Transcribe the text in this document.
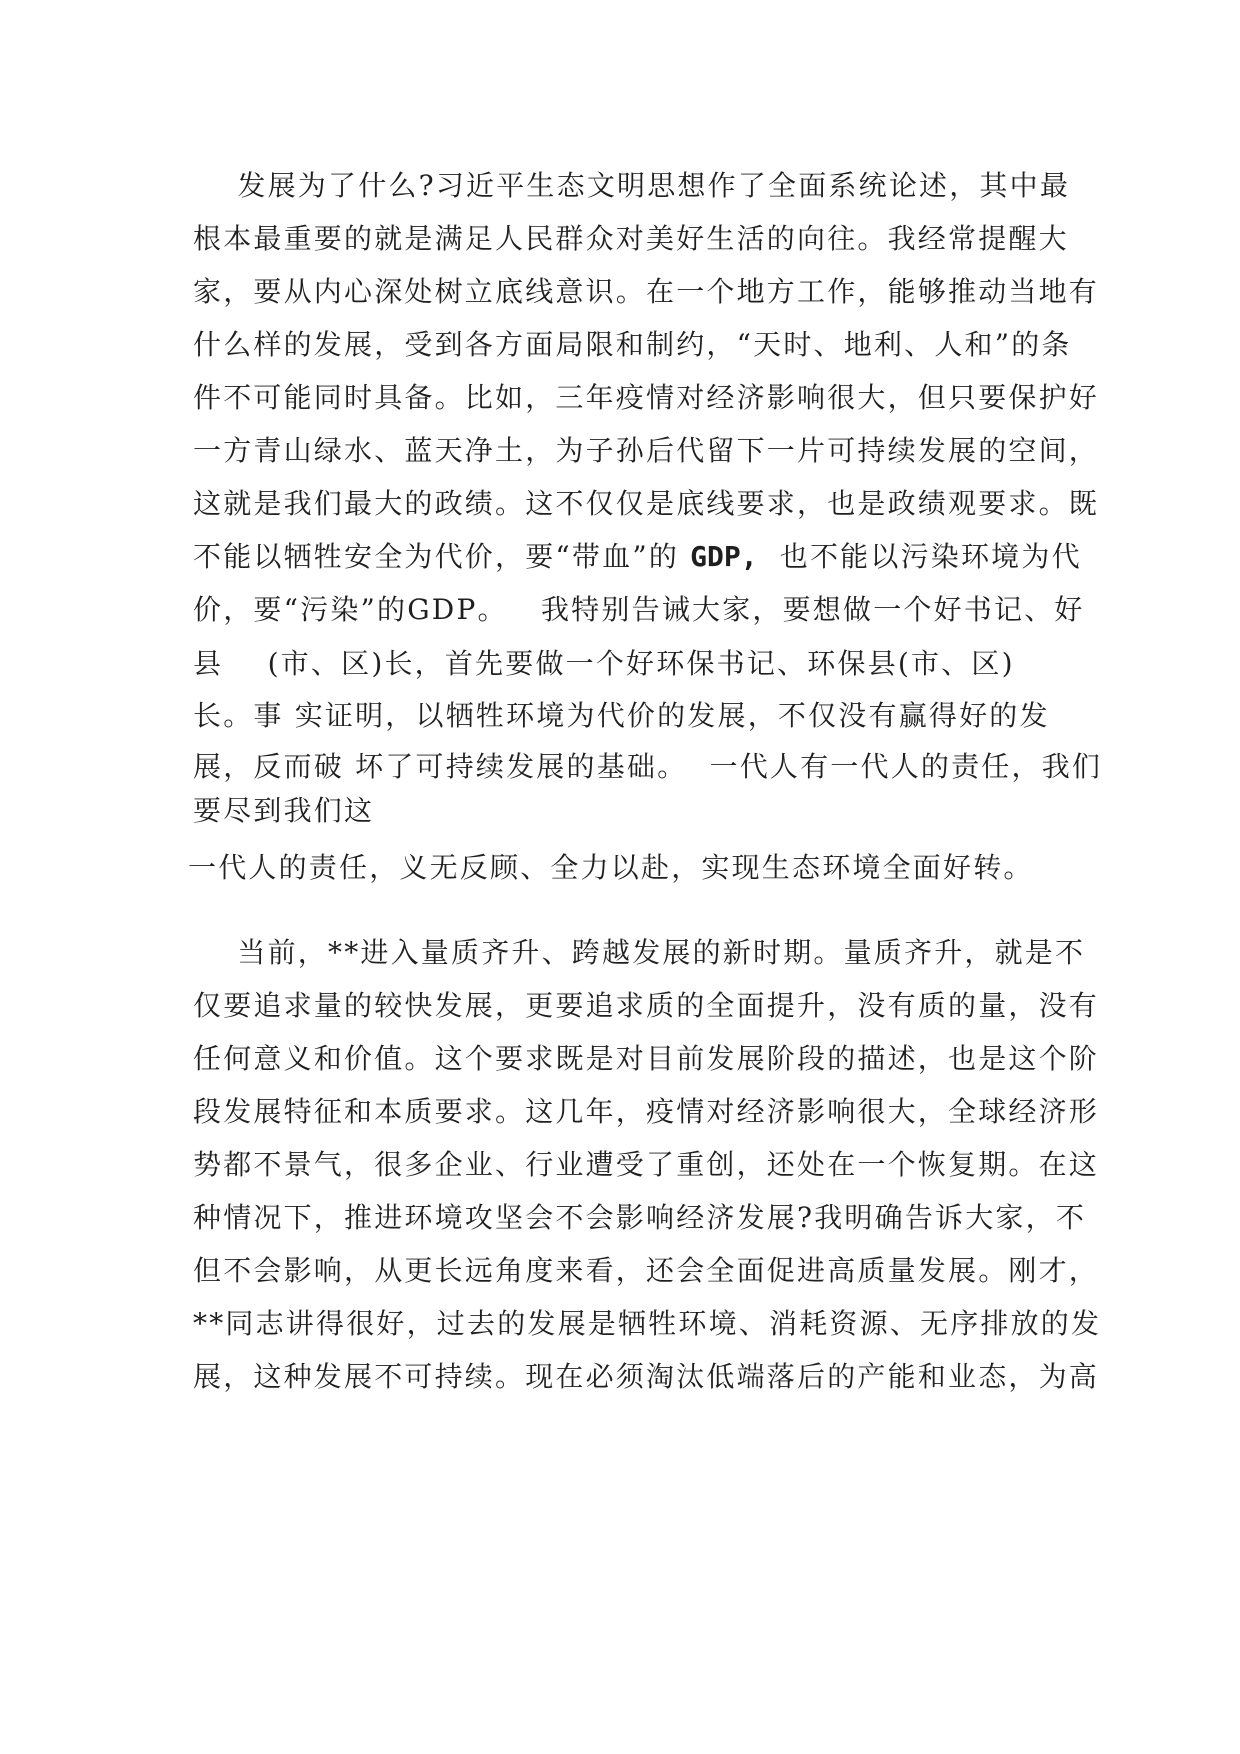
发展为了什么?习近平生态文明思想作了全面系统论述，其中最
根本最重要的就是满足人民群众对美好生活的向往。我经常提醒大
家，要从内心深处树立底线意识。在一个地方工作，能够推动当地有
什么样的发展，受到各方面局限和制约，“天时、地利、人和”的条
件不可能同时具备。比如，三年疫情对经济影响很大，但只要保护好
一方青山绿水、蓝天净土，为子孙后代留下一片可持续发展的空间，
这就是我们最大的政绩。这不仅仅是底线要求，也是政绩观要求。既
不能以牺牲安全为代价，要“带血”的 GDP,  也不能以污染环境为代
价，要“污染”的GDP。   我特别告诫大家，要想做一个好书记、好
县    (市、区)长，首先要做一个好环保书记、环保县(市、区)
长。事 实证明，以牺牲环境为代价的发展，不仅没有赢得好的发
展，反而破 坏了可持续发展的基础。  一代人有一代人的责任，我们
要尽到我们这
一代人的责任，义无反顾、全力以赴，实现生态环境全面好转。
当前，**进入量质齐升、跨越发展的新时期。量质齐升，就是不
仅要追求量的较快发展，更要追求质的全面提升，没有质的量，没有
任何意义和价值。这个要求既是对目前发展阶段的描述，也是这个阶
段发展特征和本质要求。这几年，疫情对经济影响很大，全球经济形
势都不景气，很多企业、行业遭受了重创，还处在一个恢复期。在这
种情况下，推进环境攻坚会不会影响经济发展?我明确告诉大家，不
但不会影响，从更长远角度来看，还会全面促进高质量发展。刚才，
**同志讲得很好，过去的发展是牺牲环境、消耗资源、无序排放的发
展，这种发展不可持续。现在必须淘汰低端落后的产能和业态，为高
